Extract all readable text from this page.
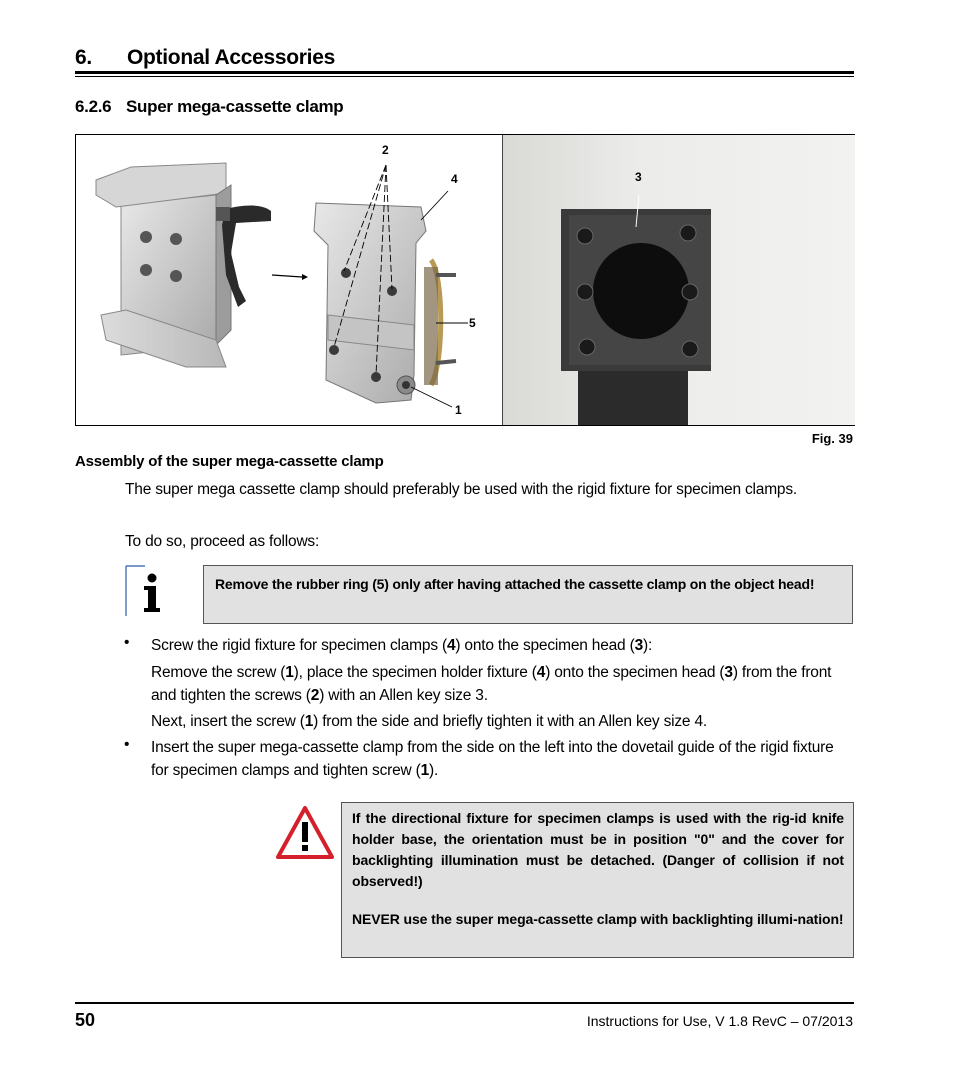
6. Optional Accessories
6.2.6 Super mega-cassette clamp
2
4
5
1
3
Fig. 39
Assembly of the super mega-cassette clamp
The super mega cassette clamp should preferably be used with the rigid fixture for specimen clamps.
To do so, proceed as follows:
Remove the rubber ring (5) only after having attached the cassette clamp on the object head!
• Screw the rigid fixture for specimen clamps (4) onto the specimen head (3):
Remove the screw (1), place the specimen holder fixture (4) onto the specimen head (3) from the front and tighten the screws (2) with an Allen key size 3.
Next, insert the screw (1) from the side and briefly tighten it with an Allen key size 4.
• Insert the super mega-cassette clamp from the side on the left into the dovetail guide of the rigid fixture for specimen clamps and tighten screw (1).
If the directional fixture for specimen clamps is used with the rig-id knife holder base, the orientation must be in position "0" and the cover for backlighting illumination must be detached. (Danger of collision if not observed!)
NEVER use the super mega-cassette clamp with backlighting illumi-nation!
50	Instructions for Use, V 1.8 RevC – 07/2013
